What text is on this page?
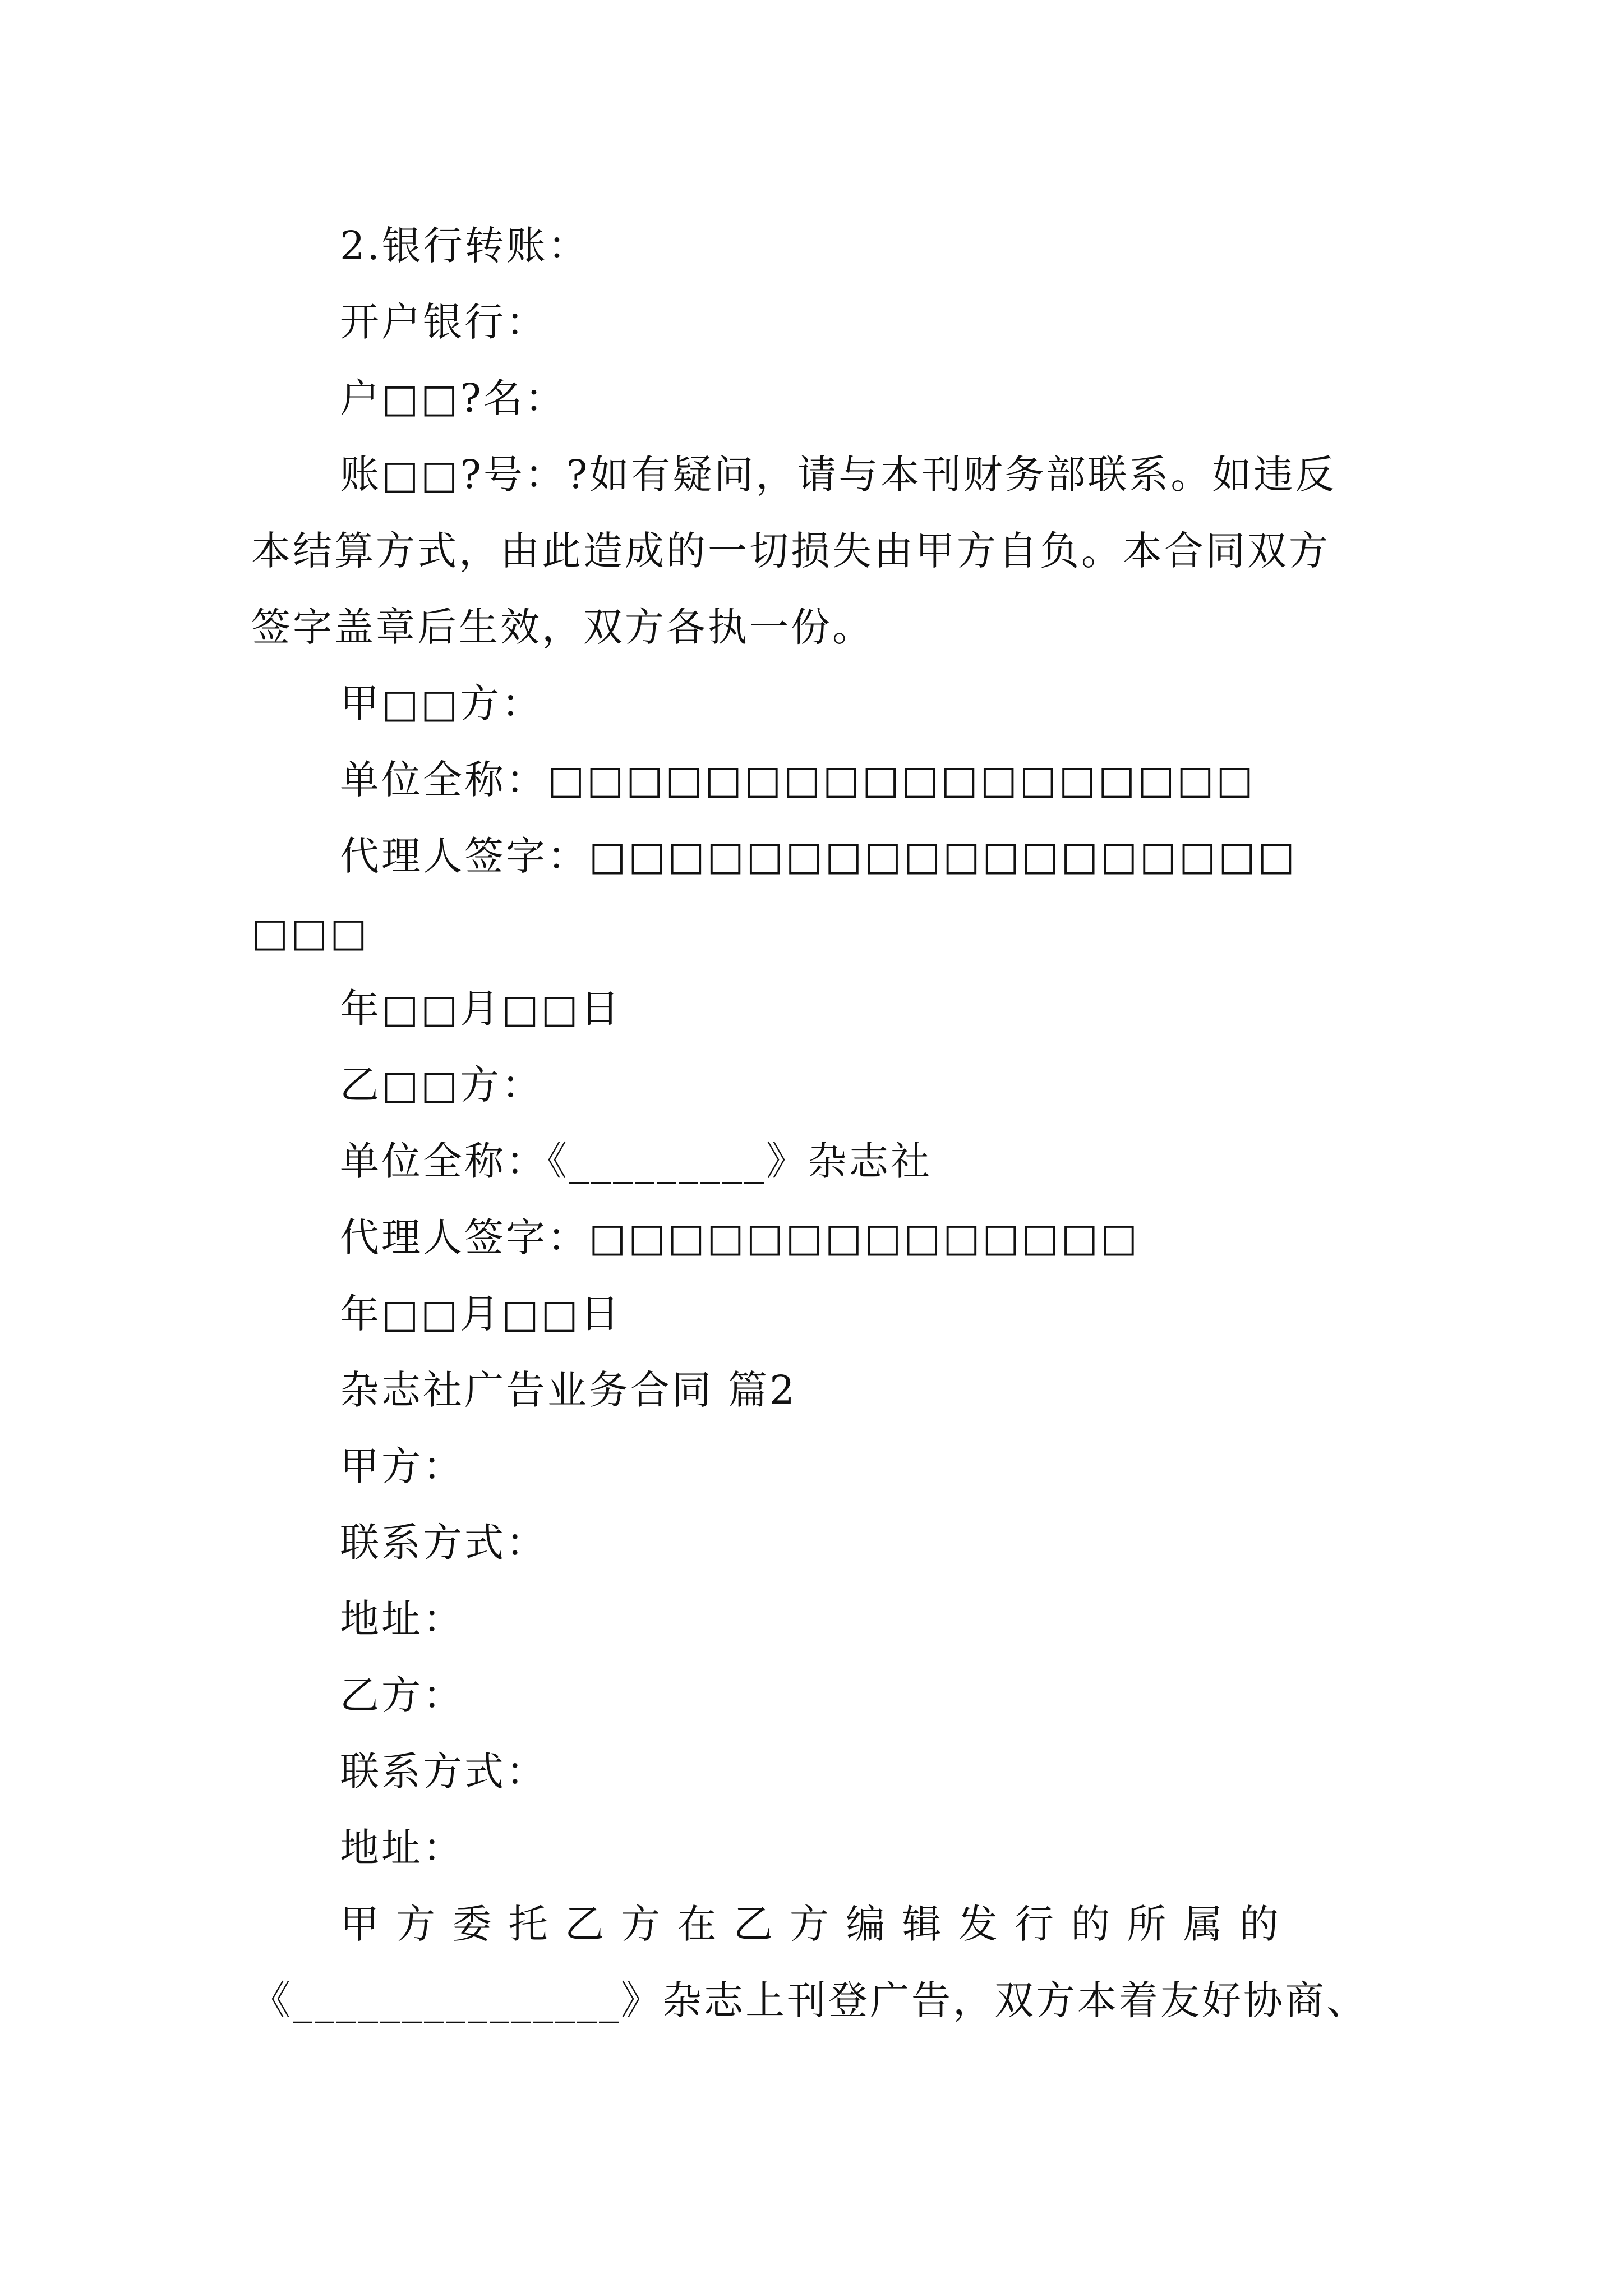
2.银行转账：
开户银行：
户□□?名：
账□□?号：?如有疑问，请与本刊财务部联系。如违反
本结算方式，由此造成的一切损失由甲方自负。本合同双方
签字盖章后生效，双方各执一份。
甲□□方：
单位全称：□□□□□□□□□□□□□□□□□□
代理人签字：□□□□□□□□□□□□□□□□□□
□□□
年□□月□□日
乙□□方：
单位全称：《_________》杂志社
代理人签字：□□□□□□□□□□□□□□
年□□月□□日
杂志社广告业务合同 篇2
甲方：
联系方式：
地址：
乙方：
联系方式：
地址：
甲 方 委 托 乙 方 在 乙 方 编 辑 发 行 的 所 属 的
《_______________》杂志上刊登广告，双方本着友好协商、
